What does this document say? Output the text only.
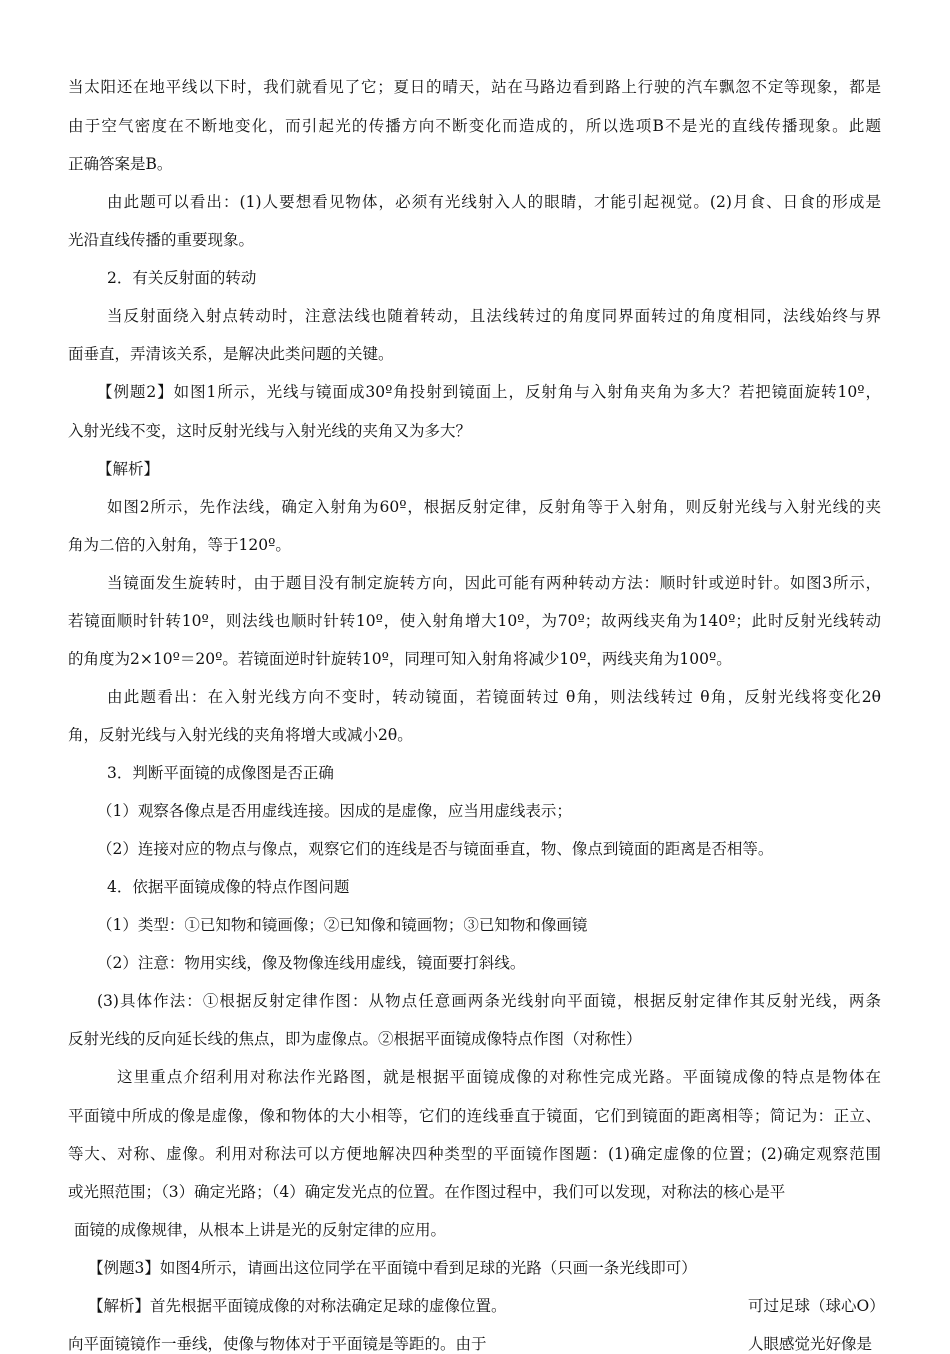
当太阳还在地平线以下时，我们就看见了它；夏日的晴天，站在马路边看到路上行驶的汽车飘忽不定等现象，都是
由于空气密度在不断地变化，而引起光的传播方向不断变化而造成的，所以选项B不是光的直线传播现象。此题
正确答案是B。
由此题可以看出：(1)人要想看见物体，必须有光线射入人的眼睛，才能引起视觉。(2)月食、日食的形成是
光沿直线传播的重要现象。
2．有关反射面的转动
当反射面绕入射点转动时，注意法线也随着转动，且法线转过的角度同界面转过的角度相同，法线始终与界
面垂直，弄清该关系，是解决此类问题的关键。
【例题2】如图1所示，光线与镜面成30º角投射到镜面上，反射角与入射角夹角为多大？若把镜面旋转10º，
入射光线不变，这时反射光线与入射光线的夹角又为多大？
【解析】
如图2所示，先作法线，确定入射角为60º，根据反射定律，反射角等于入射角，则反射光线与入射光线的夹
角为二倍的入射角，等于120º。
当镜面发生旋转时，由于题目没有制定旋转方向，因此可能有两种转动方法：顺时针或逆时针。如图3所示，
若镜面顺时针转10º，则法线也顺时针转10º，使入射角增大10º，为70º；故两线夹角为140º；此时反射光线转动
的角度为2×10º＝20º。若镜面逆时针旋转10º，同理可知入射角将减少10º，两线夹角为100º。
由此题看出：在入射光线方向不变时，转动镜面，若镜面转过 θ角，则法线转过 θ角，反射光线将变化2θ
角，反射光线与入射光线的夹角将增大或减小2θ。
3．判断平面镜的成像图是否正确
（1）观察各像点是否用虚线连接。因成的是虚像，应当用虚线表示；
（2）连接对应的物点与像点，观察它们的连线是否与镜面垂直，物、像点到镜面的距离是否相等。
4．依据平面镜成像的特点作图问题
（1）类型：①已知物和镜画像；②已知像和镜画物；③已知物和像画镜
（2）注意：物用实线，像及物像连线用虚线，镜面要打斜线。
(3)具体作法：①根据反射定律作图：从物点任意画两条光线射向平面镜，根据反射定律作其反射光线，两条
反射光线的反向延长线的焦点，即为虚像点。②根据平面镜成像特点作图（对称性）
这里重点介绍利用对称法作光路图，就是根据平面镜成像的对称性完成光路。平面镜成像的特点是物体在
平面镜中所成的像是虚像，像和物体的大小相等，它们的连线垂直于镜面，它们到镜面的距离相等；简记为：正立、
等大、对称、虚像。利用对称法可以方便地解决四种类型的平面镜作图题：(1)确定虚像的位置；(2)确定观察范围
或光照范围；（3）确定光路；（4）确定发光点的位置。在作图过程中，我们可以发现，对称法的核心是平
面镜的成像规律，从根本上讲是光的反射定律的应用。
【例题3】如图4所示，请画出这位同学在平面镜中看到足球的光路（只画一条光线即可）
【解析】首先根据平面镜成像的对称法确定足球的虚像位置。
向平面镜镜作一垂线，使像与物体对于平面镜是等距的。由于
可过足球（球心O）
人眼感觉光好像是
